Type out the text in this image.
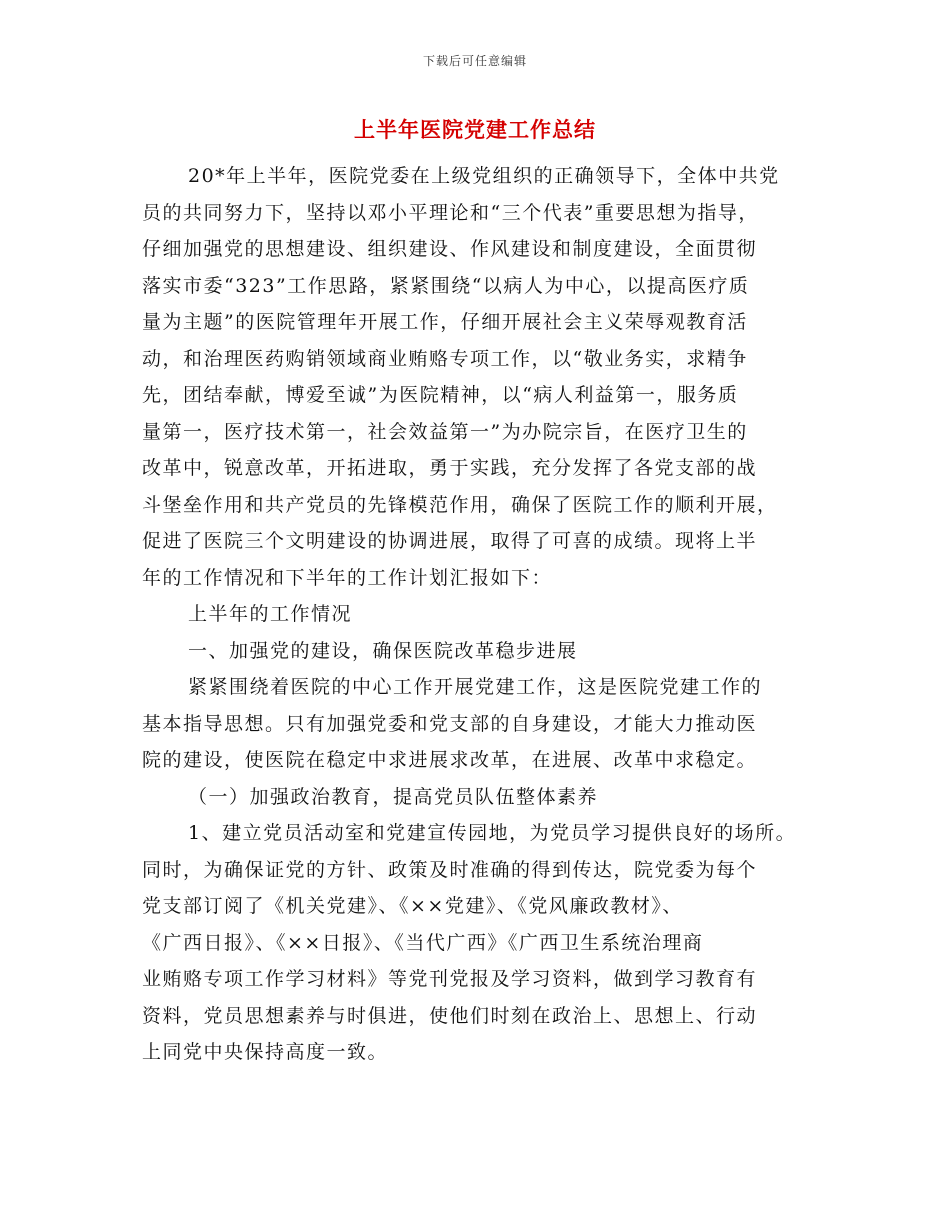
下载后可任意编辑
上半年医院党建工作总结
20*年上半年，医院党委在上级党组织的正确领导下，全体中共党
员的共同努力下，坚持以邓小平理论和“三个代表”重要思想为指导，
仔细加强党的思想建设、组织建设、作风建设和制度建设，全面贯彻
落实市委“323”工作思路，紧紧围绕“以病人为中心，以提高医疗质
量为主题”的医院管理年开展工作，仔细开展社会主义荣辱观教育活
动，和治理医药购销领域商业贿赂专项工作，以“敬业务实，求精争
先，团结奉献，博爱至诚”为医院精神，以“病人利益第一，服务质
量第一，医疗技术第一，社会效益第一”为办院宗旨，在医疗卫生的
改革中，锐意改革，开拓进取，勇于实践，充分发挥了各党支部的战
斗堡垒作用和共产党员的先锋模范作用，确保了医院工作的顺利开展，
促进了医院三个文明建设的协调进展，取得了可喜的成绩。现将上半
年的工作情况和下半年的工作计划汇报如下：
上半年的工作情况
一、加强党的建设，确保医院改革稳步进展
紧紧围绕着医院的中心工作开展党建工作，这是医院党建工作的
基本指导思想。只有加强党委和党支部的自身建设，才能大力推动医
院的建设，使医院在稳定中求进展求改革，在进展、改革中求稳定。
（一）加强政治教育，提高党员队伍整体素养
1、建立党员活动室和党建宣传园地，为党员学习提供良好的场所。
同时，为确保证党的方针、政策及时准确的得到传达，院党委为每个
党支部订阅了《机关党建》、《××党建》、《党风廉政教材》、
《广西日报》、《××日报》、《当代广西》《广西卫生系统治理商
业贿赂专项工作学习材料》等党刊党报及学习资料，做到学习教育有
资料，党员思想素养与时俱进，使他们时刻在政治上、思想上、行动
上同党中央保持高度一致。
